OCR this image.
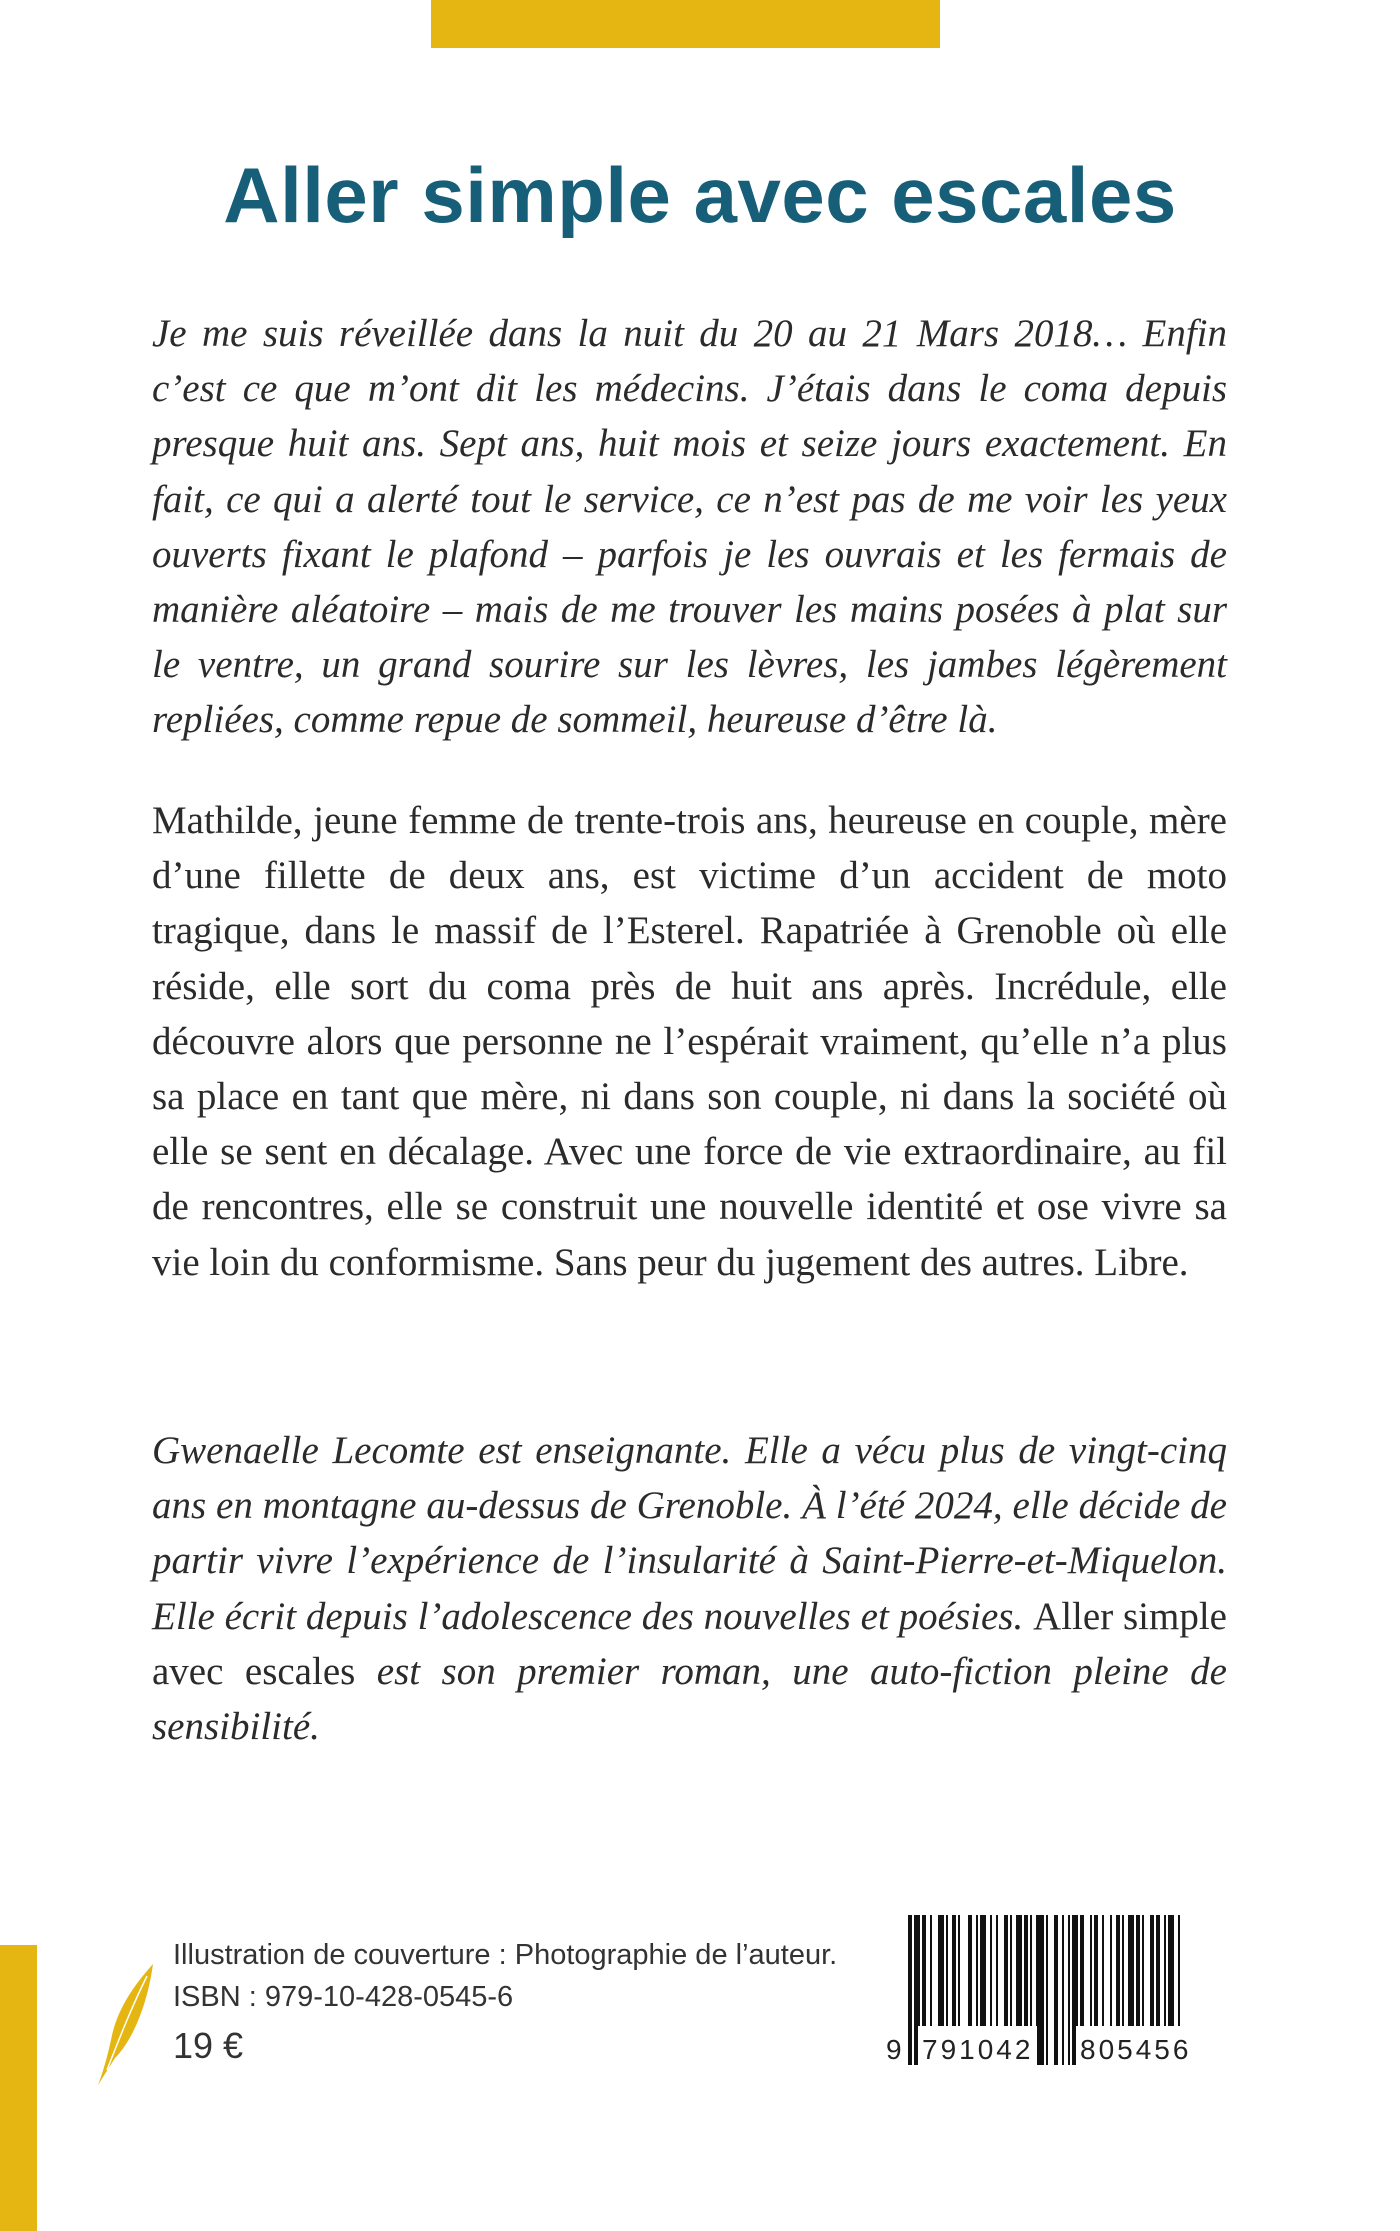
Aller simple avec escales

Je me suis réveillée dans la nuit du 20 au 21 Mars 2018… Enfin c’est ce que m’ont dit les médecins. J’étais dans le coma depuis presque huit ans. Sept ans, huit mois et seize jours exactement. En fait, ce qui a alerté tout le service, ce n’est pas de me voir les yeux ouverts fixant le plafond – parfois je les ouvrais et les fermais de manière aléatoire – mais de me trouver les mains posées à plat sur le ventre, un grand sourire sur les lèvres, les jambes légèrement repliées, comme repue de sommeil, heureuse d’être là.

Mathilde, jeune femme de trente-trois ans, heureuse en couple, mère d’une fillette de deux ans, est victime d’un accident de moto tragique, dans le massif de l’Esterel. Rapatriée à Grenoble où elle réside, elle sort du coma près de huit ans après. Incrédule, elle découvre alors que personne ne l’espérait vraiment, qu’elle n’a plus sa place en tant que mère, ni dans son couple, ni dans la société où elle se sent en décalage. Avec une force de vie extraordinaire, au fil de rencontres, elle se construit une nouvelle identité et ose vivre sa vie loin du conformisme. Sans peur du jugement des autres. Libre.

Gwenaelle Lecomte est enseignante. Elle a vécu plus de vingt-cinq ans en montagne au-dessus de Grenoble. À l’été 2024, elle décide de partir vivre l’expérience de l’insularité à Saint-Pierre-et-Miquelon. Elle écrit depuis l’adolescence des nouvelles et poésies. Aller simple avec escales est son premier roman, une auto-fiction pleine de sensibilité.

Illustration de couverture : Photographie de l’auteur.
ISBN : 979-10-428-0545-6
19 €	9 791042 805456
